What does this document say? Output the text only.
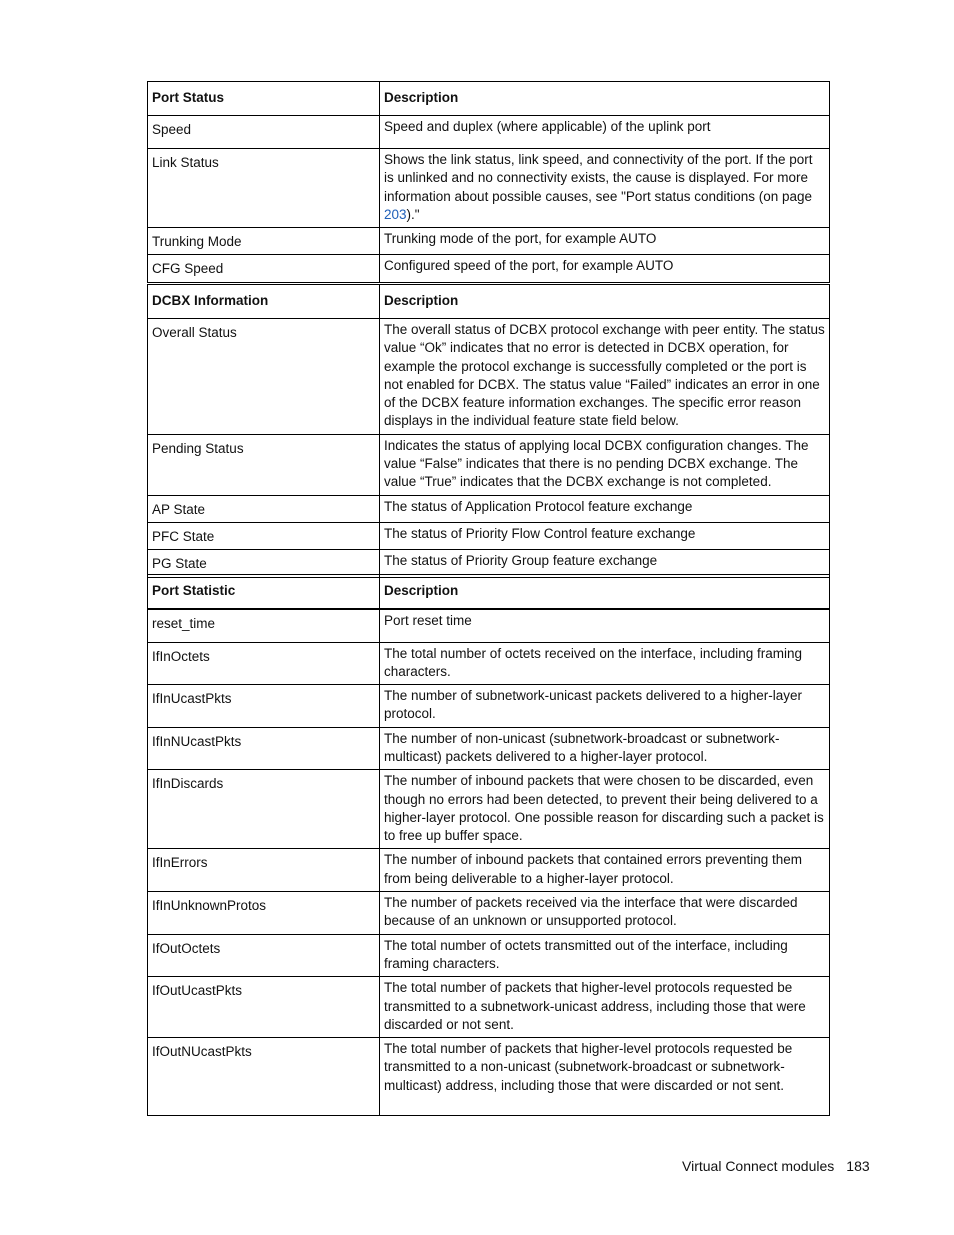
Port Status	Description
Speed	Speed and duplex (where applicable) of the uplink port
Link Status	Shows the link status, link speed, and connectivity of the port. If the port is unlinked and no connectivity exists, the cause is displayed. For more information about possible causes, see "Port status conditions (on page 203)."
Trunking Mode	Trunking mode of the port, for example AUTO
CFG Speed	Configured speed of the port, for example AUTO
DCBX Information	Description
Overall Status	The overall status of DCBX protocol exchange with peer entity. The status value “Ok” indicates that no error is detected in DCBX operation, for example the protocol exchange is successfully completed or the port is not enabled for DCBX. The status value “Failed” indicates an error in one of the DCBX feature information exchanges. The specific error reason displays in the individual feature state field below.
Pending Status	Indicates the status of applying local DCBX configuration changes. The value “False” indicates that there is no pending DCBX exchange. The value “True” indicates that the DCBX exchange is not completed.
AP State	The status of Application Protocol feature exchange
PFC State	The status of Priority Flow Control feature exchange
PG State	The status of Priority Group feature exchange
Port Statistic	Description
reset_time	Port reset time
IfInOctets	The total number of octets received on the interface, including framing characters.
IfInUcastPkts	The number of subnetwork-unicast packets delivered to a higher-layer protocol.
IfInNUcastPkts	The number of non-unicast (subnetwork-broadcast or subnetwork-multicast) packets delivered to a higher-layer protocol.
IfInDiscards	The number of inbound packets that were chosen to be discarded, even though no errors had been detected, to prevent their being delivered to a higher-layer protocol. One possible reason for discarding such a packet is to free up buffer space.
IfInErrors	The number of inbound packets that contained errors preventing them from being deliverable to a higher-layer protocol.
IfInUnknownProtos	The number of packets received via the interface that were discarded because of an unknown or unsupported protocol.
IfOutOctets	The total number of octets transmitted out of the interface, including framing characters.
IfOutUcastPkts	The total number of packets that higher-level protocols requested be transmitted to a subnetwork-unicast address, including those that were discarded or not sent.
IfOutNUcastPkts	The total number of packets that higher-level protocols requested be transmitted to a non-unicast (subnetwork-broadcast or subnetwork-multicast) address, including those that were discarded or not sent.
Virtual Connect modules 183
